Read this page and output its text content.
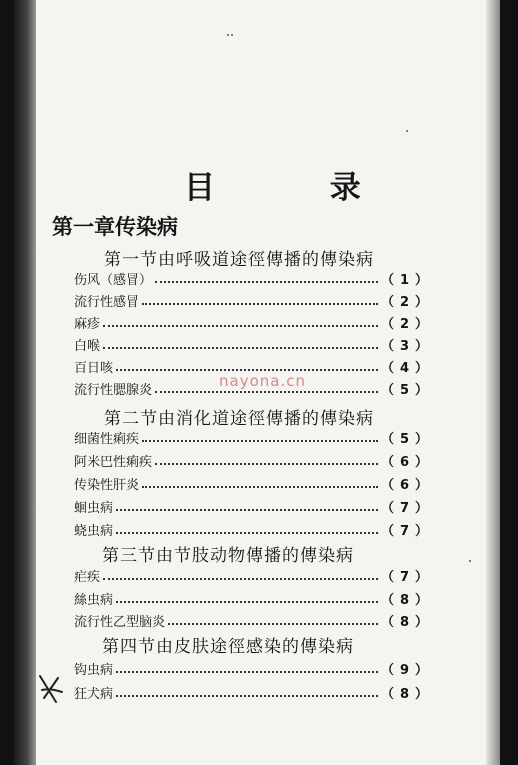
目 录
第一章传染病
第一节由呼吸道途徑傳播的傳染病
伤风（感冒）	（1）
流行性感冒	（2）
麻疹	（2）
白喉	（3）
百日咳	（4）
流行性腮腺炎	（5）
第二节由消化道途徑傳播的傳染病
细菌性痢疾	（5）
阿米巴性痢疾	（6）
传染性肝炎	（6）
蛔虫病	（7）
蛲虫病	（7）
第三节由节肢动物傳播的傳染病
疟疾	（7）
絲虫病	（8）
流行性乙型脑炎	（8）
第四节由皮肤途徑感染的傳染病
钩虫病	（9）
狂犬病	（8）
nayona.cn
